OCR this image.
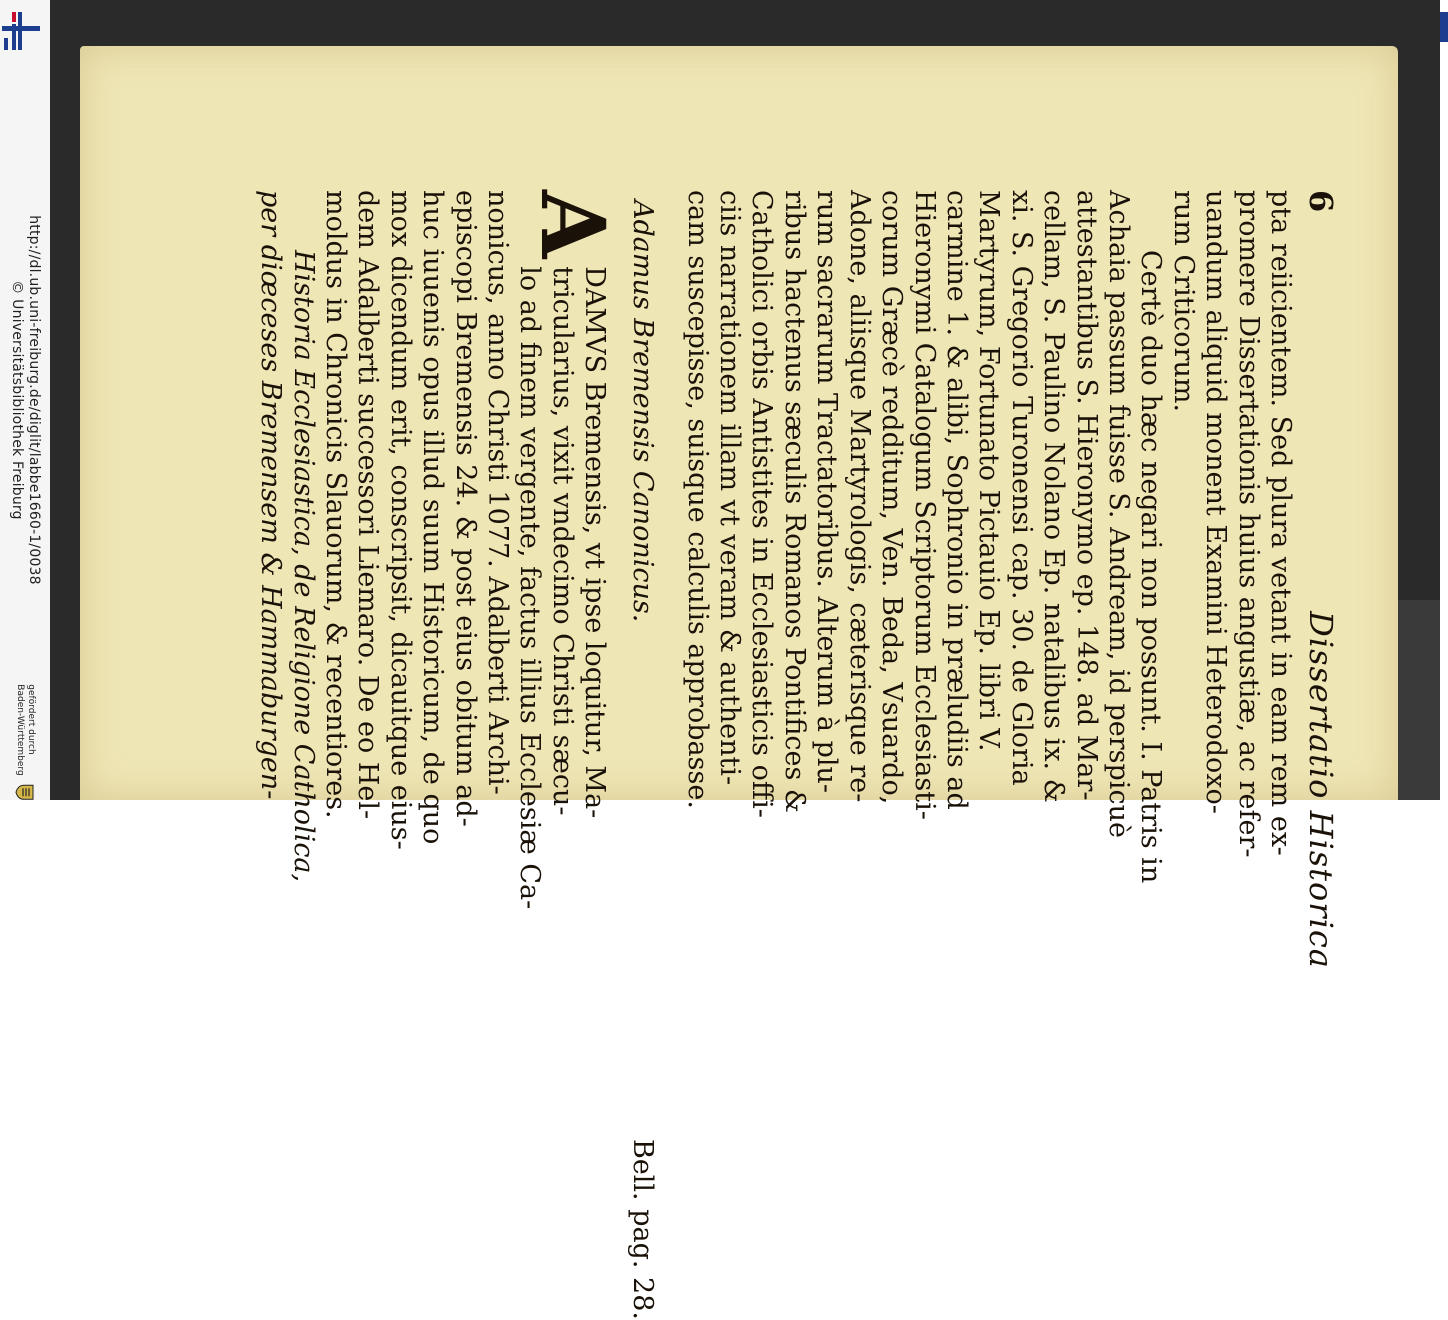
http://dl.ub.uni-freiburg.de/diglit/labbe1660-1/0038
© Universitätsbibliothek Freiburg
gefördert durch
Baden-Württemberg
6
Dissertatio Historica
pta reiicientem. Sed plura vetant in eam rem ex-
promere Dissertationis huius angustiæ, ac refer-
uandum aliquid monent Examini Heterodoxo-
rum Criticorum.
Certè duo hæc negari non possunt. I. Patris in
Achaia passum fuisse S. Andream, id perspicuè
attestantibus S. Hieronymo ep. 148. ad Mar-
cellam, S. Paulino Nolano Ep. natalibus ix. &
xi. S. Gregorio Turonensi cap. 30. de Gloria
Martyrum, Fortunato Pictauio Ep. libri V.
carmine 1. & alibi, Sophronio in præludiis ad
Hieronymi Catalogum Scriptorum Ecclesiasti-
corum Græcè redditum, Ven. Beda, Vsuardo,
Adone, aliisque Martyrologis, cæterisque re-
rum sacrarum Tractatoribus. Alterum à plu-
ribus hactenus sæculis Romanos Pontifices &
Catholici orbis Antistites in Ecclesiasticis offi-
ciis narrationem illam vt veram & authenti-
cam suscepisse, suisque calculis approbasse.
Adamus Bremensis Canonicus.
Bell. pag. 28.
A
DAMVS Bremensis, vt ipse loquitur, Ma-
tricularius, vixit vndecimo Christi sæcu-
lo ad finem vergente, factus illius Ecclesiæ Ca-
nonicus, anno Christi 1077. Adalberti Archi-
episcopi Bremensis 24. & post eius obitum ad-
huc iuuenis opus illud suum Historicum, de quo
mox dicendum erit, conscripsit, dicauitque eius-
dem Adalberti successori Liemaro. De eo Hel-
moldus in Chronicis Slauorum, & recentiores.
Historia Ecclesiastica, de Religione Catholica,
per diœceses Bremensem & Hammaburgen-
